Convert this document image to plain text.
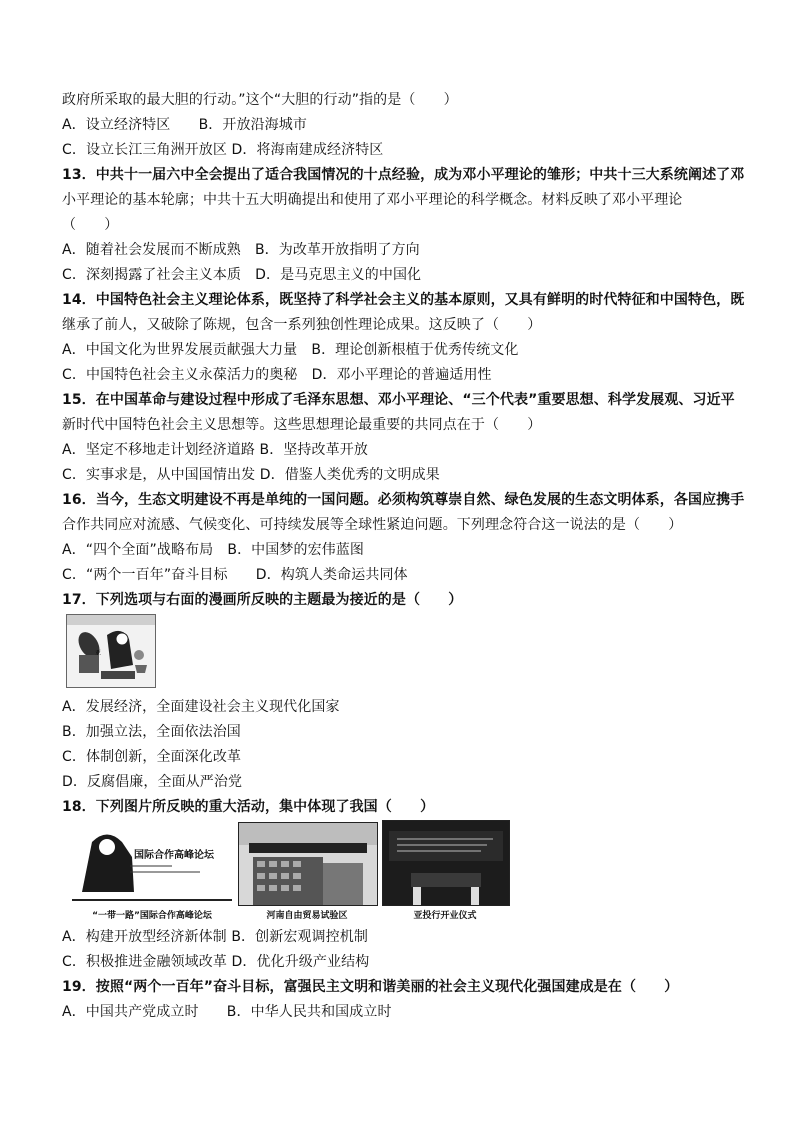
政府所采取的最大胆的行动。”这个“大胆的行动”指的是（　　）
A．设立经济特区　　B．开放沿海城市
C．设立长江三角洲开放区 D．将海南建成经济特区
13．中共十一届六中全会提出了适合我国情况的十点经验，成为邓小平理论的雏形；中共十三大系统阐述了邓
小平理论的基本轮廓；中共十五大明确提出和使用了邓小平理论的科学概念。材料反映了邓小平理论
（　　）
A．随着社会发展而不断成熟　B．为改革开放指明了方向
C．深刻揭露了社会主义本质　D．是马克思主义的中国化
14．中国特色社会主义理论体系，既坚持了科学社会主义的基本原则，又具有鲜明的时代特征和中国特色，既
继承了前人，又破除了陈规，包含一系列独创性理论成果。这反映了（　　）
A．中国文化为世界发展贡献强大力量　B．理论创新根植于优秀传统文化
C．中国特色社会主义永葆活力的奥秘　D．邓小平理论的普遍适用性
15．在中国革命与建设过程中形成了毛泽东思想、邓小平理论、“三个代表”重要思想、科学发展观、习近平
新时代中国特色社会主义思想等。这些思想理论最重要的共同点在于（　　）
A．坚定不移地走计划经济道路 B．坚持改革开放
C．实事求是，从中国国情出发 D．借鉴人类优秀的文明成果
16．当今，生态文明建设不再是单纯的一国问题。必须构筑尊崇自然、绿色发展的生态文明体系，各国应携手
合作共同应对流感、气候变化、可持续发展等全球性紧迫问题。下列理念符合这一说法的是（　　）
A．“四个全面”战略布局　B．中国梦的宏伟蓝图
C．“两个一百年”奋斗目标　　D．构筑人类命运共同体
17．下列选项与右面的漫画所反映的主题最为接近的是（　　）
亚
A．发展经济，全面建设社会主义现代化国家
B．加强立法，全面依法治国
C．体制创新，全面深化改革
D．反腐倡廉，全面从严治党
18．下列图片所反映的重大活动，集中体现了我国（　　）
国际合作高峰论坛
“一带一路”国际合作高峰论坛	河南自由贸易试验区	亚投行开业仪式
A．构建开放型经济新体制 B．创新宏观调控机制
C．积极推进金融领域改革 D．优化升级产业结构
19．按照“两个一百年”奋斗目标，富强民主文明和谐美丽的社会主义现代化强国建成是在（　　）
A．中国共产党成立时　　B．中华人民共和国成立时
